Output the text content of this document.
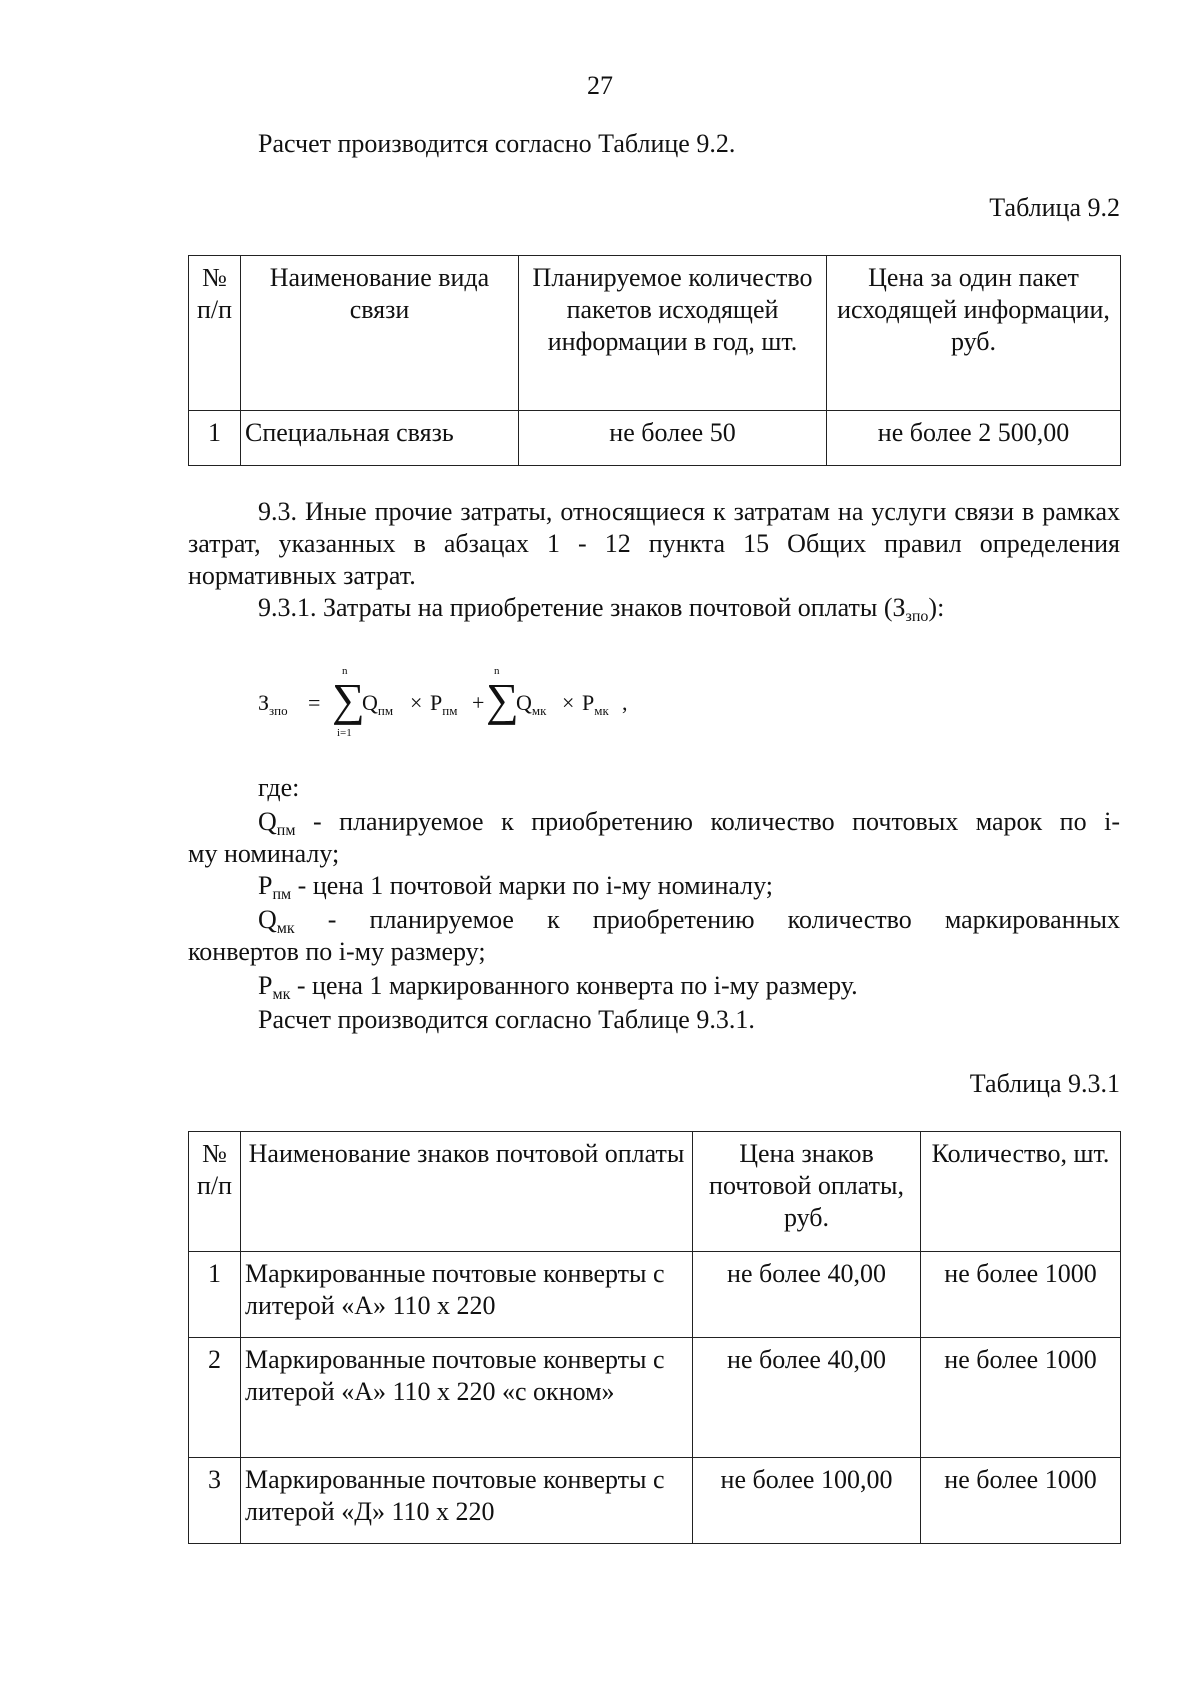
27
Расчет производится согласно Таблице 9.2.
Таблица 9.2
№ п/п	Наименование вида связи	Планируемое количество пакетов исходящей информации в год, шт.	Цена за один пакет исходящей информации, руб.
1	Специальная связь	не более 50	не более 2 500,00
9.3. Иные прочие затраты, относящиеся к затратам на услуги связи в рамках затрат, указанных в абзацах 1 - 12 пункта 15 Общих правил определения нормативных затрат.
9.3.1. Затраты на приобретение знаков почтовой оплаты $(З_{зпо})$:
$З_{зпо}$ =
n
∑
i=1
$Q_{пм} \times P_{пм}$ +
n
∑
$Q_{мк} \times P_{мк}$ ,
где:
$Q_{пм}$ - планируемое к приобретению количество почтовых марок по i-
му номиналу;
$P_{пм}$ - цена 1 почтовой марки по i-му номиналу;
$Q_{мк}$ - планируемое к приобретению количество маркированных
конвертов по i-му размеру;
$P_{мк}$ - цена 1 маркированного конверта по i-му размеру.
Расчет производится согласно Таблице 9.3.1.
Таблица 9.3.1
№ п/п	Наименование знаков почтовой оплаты	Цена знаков почтовой оплаты, руб.	Количество, шт.
1	Маркированные почтовые конверты с литерой «А» 110 х 220	не более 40,00	не более 1000
2	Маркированные почтовые конверты с литерой «А» 110 х 220 «с окном»	не более 40,00	не более 1000
3	Маркированные почтовые конверты с литерой «Д» 110 х 220	не более 100,00	не более 1000
